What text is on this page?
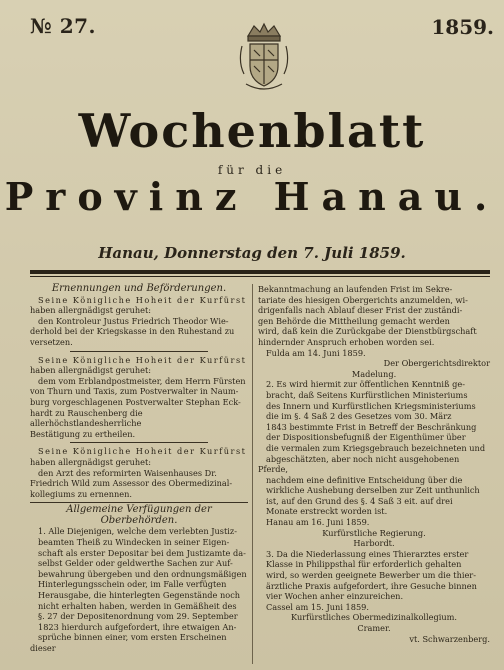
№ 27.	1859.
Wochenblatt
für die
Provinz Hanau.
Hanau, Donnerstag den 7. Juli 1859.

Ernennungen und Beförderungen.

Seine Königliche Hoheit der Kurfürst

haben allergnädigst geruhet:

den Kontroleur Justus Friedrich Theodor Wie-

derhold bei der Kriegskasse in den Ruhestand zu

versetzen.

Seine Königliche Hoheit der Kurfürst

haben allergnädigst geruhet:

dem vom Erblandpostmeister, dem Herrn Fürsten

von Thurn und Taxis, zum Postverwalter in Naum-

burg vorgeschlagenen Postverwalter Stephan Eck-

hardt zu Rauschenberg die allerhöchstlandesherrliche

Bestätigung zu ertheilen.

Seine Königliche Hoheit der Kurfürst

haben allergnädigst geruhet:

den Arzt des reformirten Waisenhauses Dr.

Friedrich Wild zum Assessor des Obermedizinal-

kollegiums zu ernennen.

Allgemeine Verfügungen der Oberbehörden.

1. Alle Diejenigen, welche dem verlebten Justiz-

beamten Theiß zu Windecken in seiner Eigen-

schaft als erster Depositar bei dem Justizamte da-

selbst Gelder oder geldwerthe Sachen zur Auf-

bewahrung übergeben und den ordnungsmäßigen

Hinterlegungsschein oder, im Falle verfügten

Herausgabe, die hinterlegten Gegenstände noch

nicht erhalten haben, werden in Gemäßheit des

§. 27 der Depositenordnung vom 29. September

1823 hierdurch aufgefordert, ihre etwaigen An-

sprüche binnen einer, vom ersten Erscheinen dieser

Bekanntmachung an laufenden Frist im Sekre-

tariate des hiesigen Obergerichts anzumelden, wi-

drigenfalls nach Ablauf dieser Frist der zuständi-

gen Behörde die Mittheilung gemacht werden

wird, daß kein die Zurückgabe der Dienstbürgschaft

hindernder Anspruch erhoben worden sei.

Fulda am 14. Juni 1859.

Der Obergerichtsdirektor

Madelung.

2. Es wird hiermit zur öffentlichen Kenntniß ge-

bracht, daß Seitens Kurfürstlichen Ministeriums

des Innern und Kurfürstlichen Kriegsministeriums

die im §. 4 Saß 2 des Gesetzes vom 30. März

1843 bestimmte Frist in Betreff der Beschränkung

der Dispositionsbefugniß der Eigenthümer über

die vermalen zum Kriegsgebrauch bezeichneten und

abgeschätzten, aber noch nicht ausgehobenen Pferde,

nachdem eine definitive Entscheidung über die

wirkliche Aushebung derselben zur Zeit unthunlich

ist, auf den Grund des §. 4 Saß 3 eit. auf drei

Monate erstreckt worden ist.

Hanau am 16. Juni 1859.

Kurfürstliche Regierung.

Harbordt.

3. Da die Niederlassung eines Thierarztes erster

Klasse in Philippsthal für erforderlich gehalten

wird, so werden geeignete Bewerber um die thier-

ärztliche Praxis aufgefordert, ihre Gesuche binnen

vier Wochen anher einzureichen.

Cassel am 15. Juni 1859.

Kurfürstliches Obermedizinalkollegium.

Cramer.

vt. Schwarzenberg.
